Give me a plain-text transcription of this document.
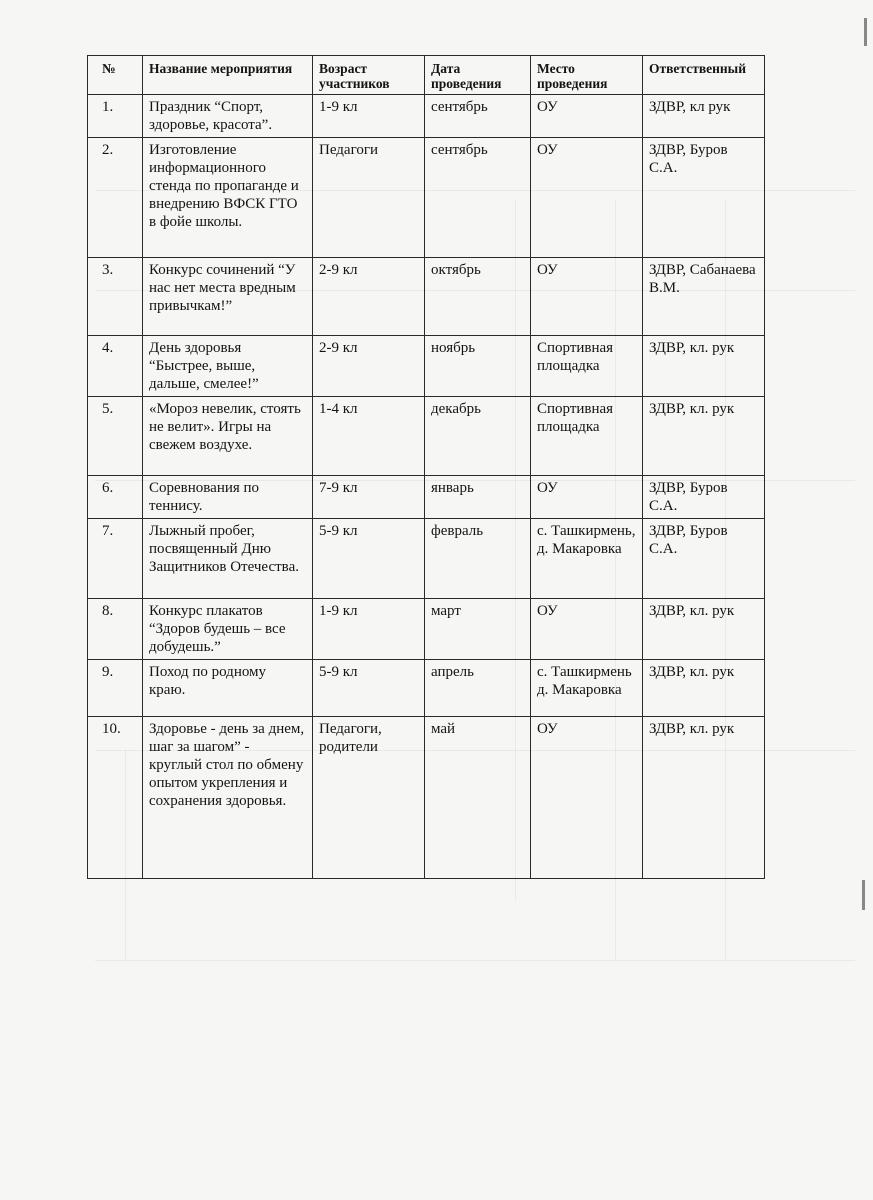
№	Название мероприятия	Возраст участников	Дата проведения	Место проведения	Ответственный
1.	Праздник “Спорт, здоровье, красота”.	1-9 кл	сентябрь	ОУ	ЗДВР, кл рук
2.	Изготовление информационного стенда по пропаганде и внедрению ВФСК ГТО в фойе школы.	Педагоги	сентябрь	ОУ	ЗДВР, Буров С.А.
3.	Конкурс сочинений “У нас нет места вредным привычкам!”	2-9 кл	октябрь	ОУ	ЗДВР, Сабанаева В.М.
4.	День здоровья “Быстрее, выше, дальше, смелее!”	2-9 кл	ноябрь	Спортивная площадка	ЗДВР, кл. рук
5.	«Мороз невелик, стоять не велит». Игры на свежем воздухе.	1-4 кл	декабрь	Спортивная площадка	ЗДВР, кл. рук
6.	Соревнования по теннису.	7-9 кл	январь	ОУ	ЗДВР, Буров С.А.
7.	Лыжный пробег, посвященный Дню Защитников Отечества.	5-9 кл	февраль	с. Ташкирмень, д. Макаровка	ЗДВР, Буров С.А.
8.	Конкурс плакатов “Здоров будешь – все добудешь.”	1-9 кл	март	ОУ	ЗДВР, кл. рук
9.	Поход по родному краю.	5-9 кл	апрель	с. Ташкирмень д. Макаровка	ЗДВР, кл. рук
10.	Здоровье - день за днем, шаг за шагом” - круглый стол по обмену опытом укрепления и сохранения здоровья.	Педагоги, родители	май	ОУ	ЗДВР, кл. рук
